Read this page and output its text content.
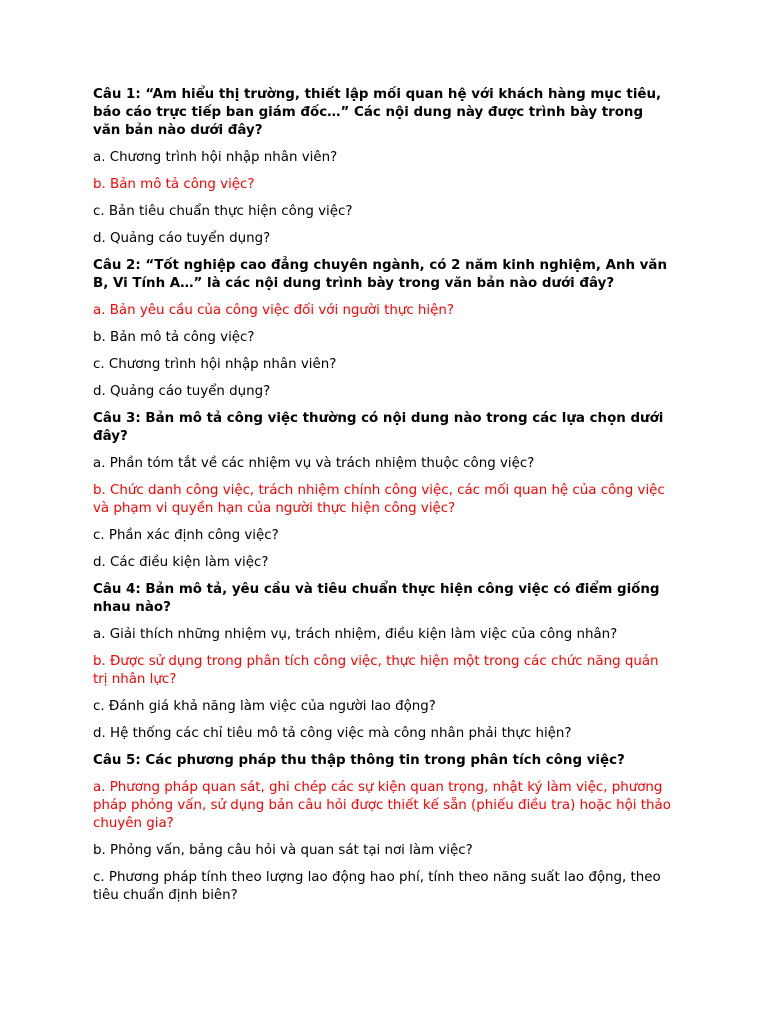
Câu 1: “Am hiểu thị trường, thiết lập mối quan hệ với khách hàng mục tiêu, báo cáo trực tiếp ban giám đốc…” Các nội dung này được trình bày trong văn bản nào dưới đây?

a. Chương trình hội nhập nhân viên?

b. Bản mô tả công việc?

c. Bản tiêu chuẩn thực hiện công việc?

d. Quảng cáo tuyển dụng?

Câu 2: “Tốt nghiệp cao đẳng chuyên ngành, có 2 năm kinh nghiệm, Anh văn B, Vi Tính A…” là các nội dung trình bày trong văn bản nào dưới đây?

a. Bản yêu cầu của công việc đối với người thực hiện?

b. Bản mô tả công việc?

c. Chương trình hội nhập nhân viên?

d. Quảng cáo tuyển dụng?

Câu 3: Bản mô tả công việc thường có nội dung nào trong các lựa chọn dưới đây?

a. Phần tóm tắt về các nhiệm vụ và trách nhiệm thuộc công việc?

b. Chức danh công việc, trách nhiệm chính công việc, các mối quan hệ của công việc và phạm vi quyền hạn của người thực hiện công việc?

c. Phần xác định công việc?

d. Các điều kiện làm việc?

Câu 4: Bản mô tả, yêu cầu và tiêu chuẩn thực hiện công việc có điểm giống nhau nào?

a. Giải thích những nhiệm vụ, trách nhiệm, điều kiện làm việc của công nhân?

b. Được sử dụng trong phân tích công việc, thực hiện một trong các chức năng quản trị nhân lực?

c. Đánh giá khả năng làm việc của người lao động?

d. Hệ thống các chỉ tiêu mô tả công việc mà công nhân phải thực hiện?

Câu 5: Các phương pháp thu thập thông tin trong phân tích công việc?

a. Phương pháp quan sát, ghi chép các sự kiện quan trọng, nhật ký làm việc, phương pháp phỏng vấn, sử dụng bản câu hỏi được thiết kế sẵn (phiếu điều tra) hoặc hội thảo chuyên gia?

b. Phỏng vấn, bảng câu hỏi và quan sát tại nơi làm việc?

c. Phương pháp tính theo lượng lao động hao phí, tính theo năng suất lao động, theo tiêu chuẩn định biên?
